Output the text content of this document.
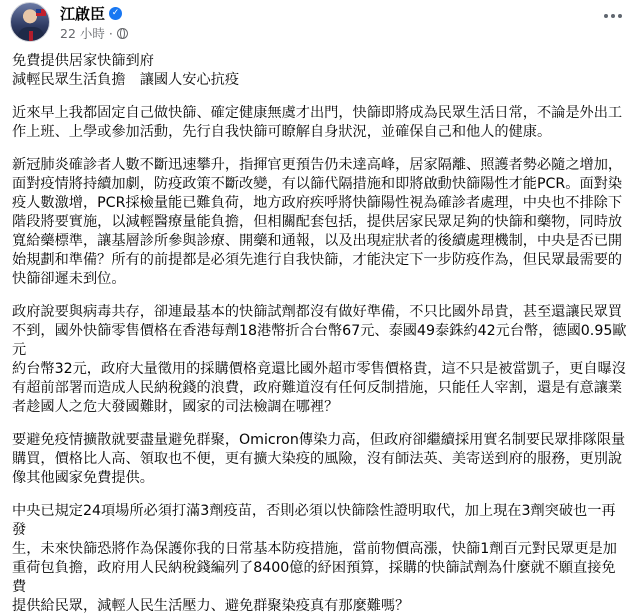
江啟臣 ✓
22 小時 ·

免費提供居家快篩到府
減輕民眾生活負擔　讓國人安心抗疫

近來早上我都固定自己做快篩、確定健康無虞才出門，快篩即將成為民眾生活日常，不論是外出工
作上班、上學或參加活動，先行自我快篩可瞭解自身狀況，並確保自己和他人的健康。

新冠肺炎確診者人數不斷迅速攀升，指揮官更預告仍未達高峰，居家隔離、照護者勢必隨之增加，
面對疫情將持續加劇，防疫政策不斷改變，有以篩代隔措施和即將啟動快篩陽性才能PCR。面對染
疫人數激增，PCR採檢量能已難負荷，地方政府疾呼將快篩陽性視為確診者處理，中央也不排除下
階段將要實施，以減輕醫療量能負擔，但相關配套包括，提供居家民眾足夠的快篩和藥物，同時放
寬給藥標準，讓基層診所參與診療、開藥和通報，以及出現症狀者的後續處理機制，中央是否已開
始規劃和準備？所有的前提都是必須先進行自我快篩，才能決定下一步防疫作為，但民眾最需要的
快篩卻遲未到位。

政府說要與病毒共存，卻連最基本的快篩試劑都沒有做好準備，不只比國外昂貴，甚至還讓民眾買
不到，國外快篩零售價格在香港每劑18港幣折合台幣67元、泰國49泰銖約42元台幣，德國0.95歐元
約台幣32元，政府大量徵用的採購價格竟還比國外超市零售價格貴，這不只是被當凱子，更自曝沒
有超前部署而造成人民納稅錢的浪費，政府難道沒有任何反制措施，只能任人宰割，還是有意讓業
者趁國人之危大發國難財，國家的司法檢調在哪裡？

要避免疫情擴散就要盡量避免群聚，Omicron傳染力高，但政府卻繼續採用實名制要民眾排隊限量
購買，價格比人高、領取也不便，更有擴大染疫的風險，沒有師法英、美寄送到府的服務，更別說
像其他國家免費提供。

中央已規定24項場所必須打滿3劑疫苗，否則必須以快篩陰性證明取代，加上現在3劑突破也一再發
生，未來快篩恐將作為保護你我的日常基本防疫措施，當前物價高漲，快篩1劑百元對民眾更是加
重荷包負擔，政府用人民納稅錢編列了8400億的紓困預算，採購的快篩試劑為什麼就不願直接免費
提供給民眾，減輕人民生活壓力、避免群聚染疫真有那麼難嗎？
